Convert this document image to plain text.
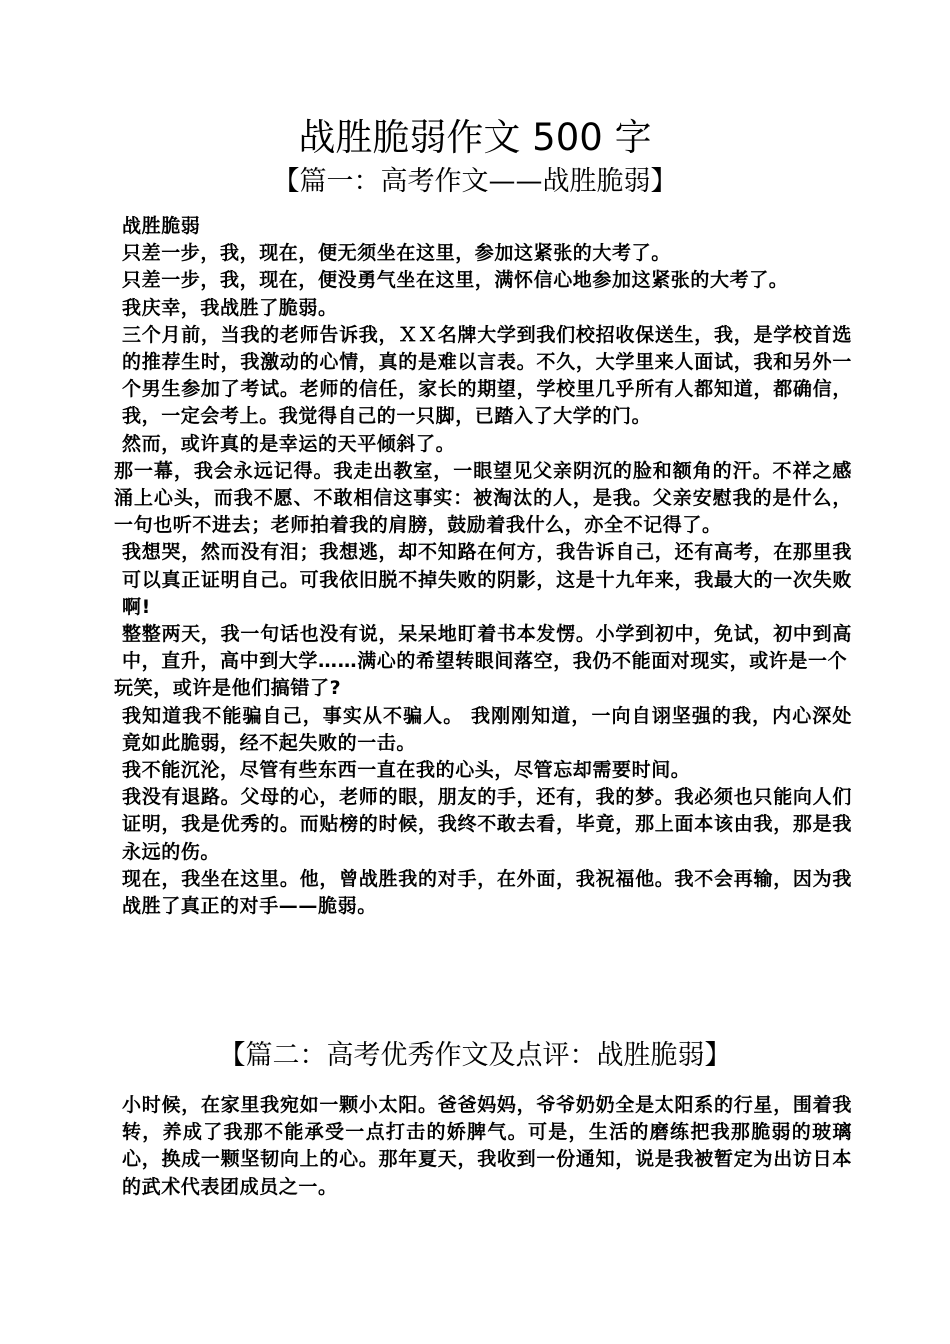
战胜脆弱作文 500 字
【篇一：高考作文——战胜脆弱】

战胜脆弱

只差一步，我，现在，便无须坐在这里，参加这紧张的大考了。

只差一步，我，现在，便没勇气坐在这里，满怀信心地参加这紧张的大考了。

我庆幸，我战胜了脆弱。

三个月前，当我的老师告诉我，ＸＸ名牌大学到我们校招收保送生，我，是学校首选的推荐生时，我激动的心情，真的是难以言表。不久，大学里来人面试，我和另外一个男生参加了考试。老师的信任，家长的期望，学校里几乎所有人都知道，都确信，我，一定会考上。我觉得自己的一只脚，已踏入了大学的门。

然而，或许真的是幸运的天平倾斜了。

那一幕，我会永远记得。我走出教室，一眼望见父亲阴沉的脸和额角的汗。不祥之感涌上心头，而我不愿、不敢相信这事实：被淘汰的人，是我。父亲安慰我的是什么，一句也听不进去；老师拍着我的肩膀，鼓励着我什么，亦全不记得了。

我想哭，然而没有泪；我想逃，却不知路在何方，我告诉自己，还有高考，在那里我可以真正证明自己。可我依旧脱不掉失败的阴影，这是十九年来，我最大的一次失败啊!

整整两天，我一句话也没有说，呆呆地盯着书本发愣。小学到初中，免试，初中到高中，直升，高中到大学……满心的希望转眼间落空，我仍不能面对现实，或许是一个

玩笑，或许是他们搞错了?

我知道我不能骗自己，事实从不骗人。 我刚刚知道，一向自诩坚强的我，内心深处竟如此脆弱，经不起失败的一击。

我不能沉沦，尽管有些东西一直在我的心头，尽管忘却需要时间。

我没有退路。父母的心，老师的眼，朋友的手，还有，我的梦。我必须也只能向人们证明，我是优秀的。而贴榜的时候，我终不敢去看，毕竟，那上面本该由我，那是我永远的伤。

现在，我坐在这里。他，曾战胜我的对手，在外面，我祝福他。我不会再输，因为我战胜了真正的对手——脆弱。

【篇二：高考优秀作文及点评：战胜脆弱】

小时候，在家里我宛如一颗小太阳。爸爸妈妈，爷爷奶奶全是太阳系的行星，围着我转，养成了我那不能承受一点打击的娇脾气。可是，生活的磨练把我那脆弱的玻璃心，换成一颗坚韧向上的心。那年夏天，我收到一份通知，说是我被暂定为出访日本的武术代表团成员之一。
